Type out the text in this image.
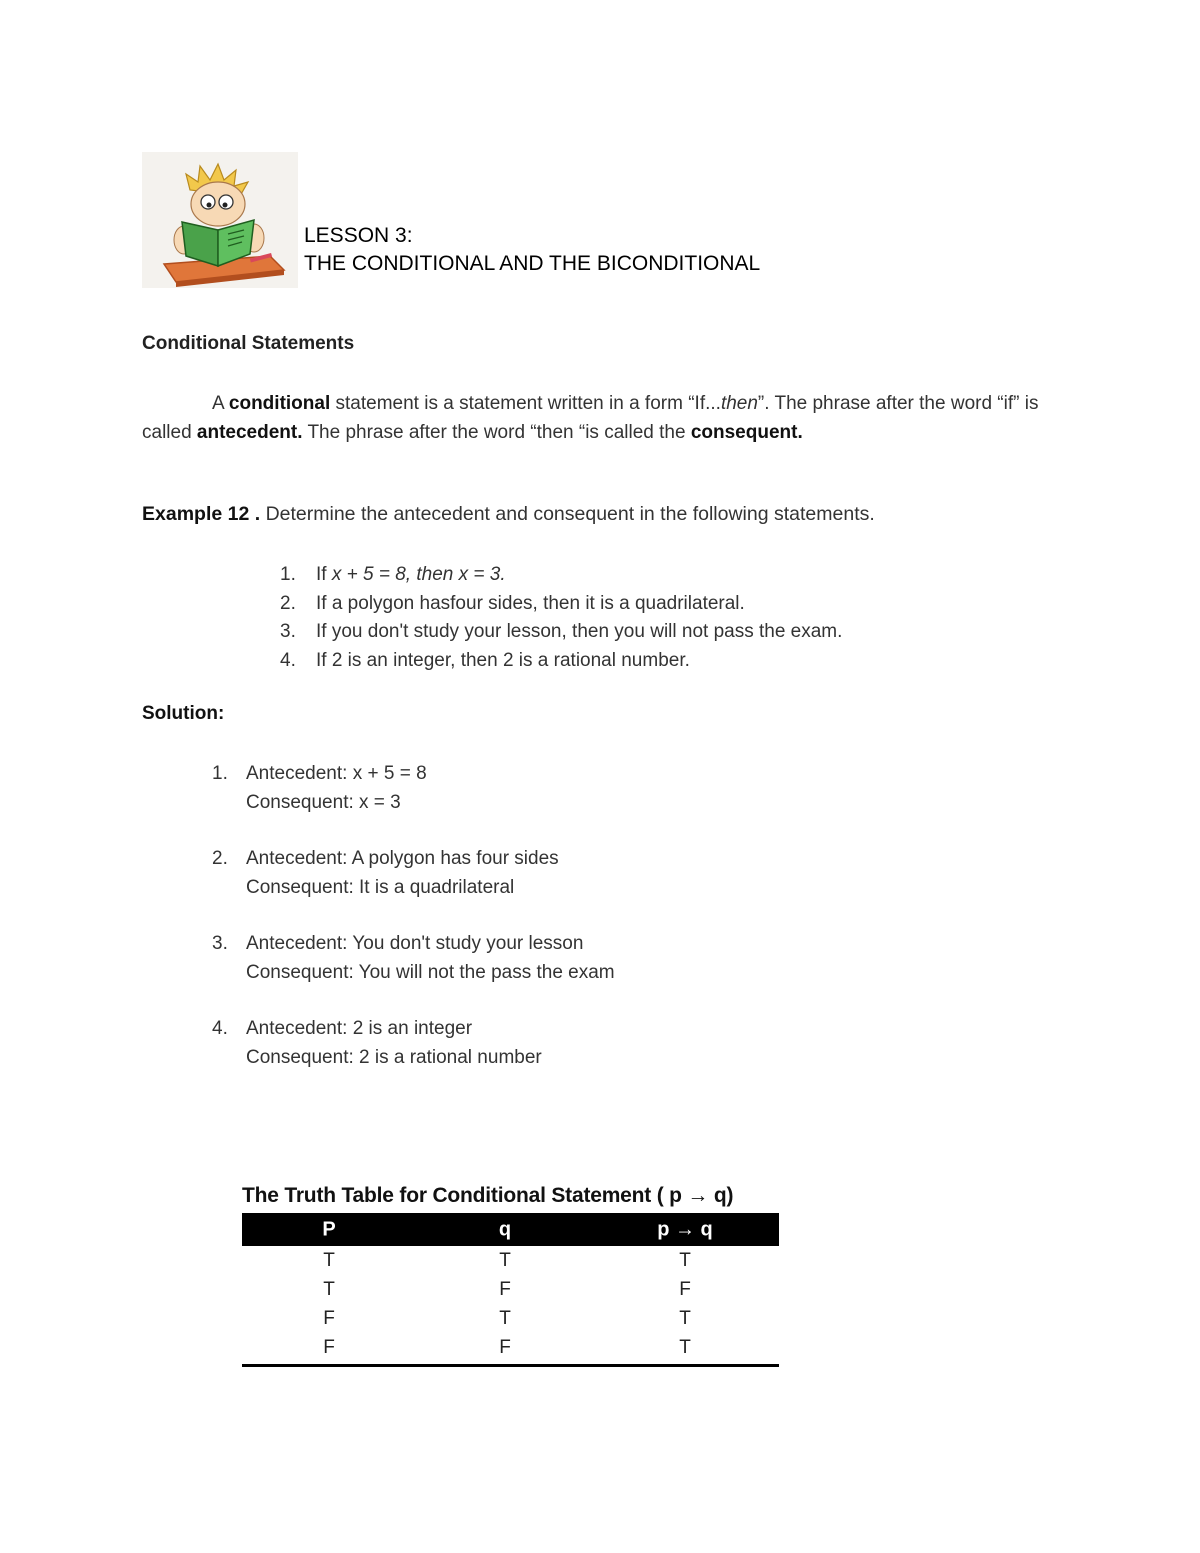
LESSON 3:
THE CONDITIONAL AND THE BICONDITIONAL
Conditional Statements
A conditional statement is a statement written in a form “If...then”. The phrase after the word “if” is called antecedent. The phrase after the word “then “is called the consequent.
Example 12 . Determine the antecedent and consequent in the following statements.
1. If x + 5 = 8, then x = 3.
2. If a polygon hasfour sides, then it is a quadrilateral.
3. If you don't study your lesson, then you will not pass the exam.
4. If 2 is an integer, then 2 is a rational number.
Solution:
1. Antecedent: x + 5 = 8
Consequent: x = 3
2. Antecedent: A polygon has four sides
Consequent: It is a quadrilateral
3. Antecedent: You don't study your lesson
Consequent: You will not the pass the exam
4. Antecedent: 2 is an integer
Consequent: 2 is a rational number
The Truth Table for Conditional Statement ( p → q)
P	q	p → q
T	T	T
T	F	F
F	T	T
F	F	T
